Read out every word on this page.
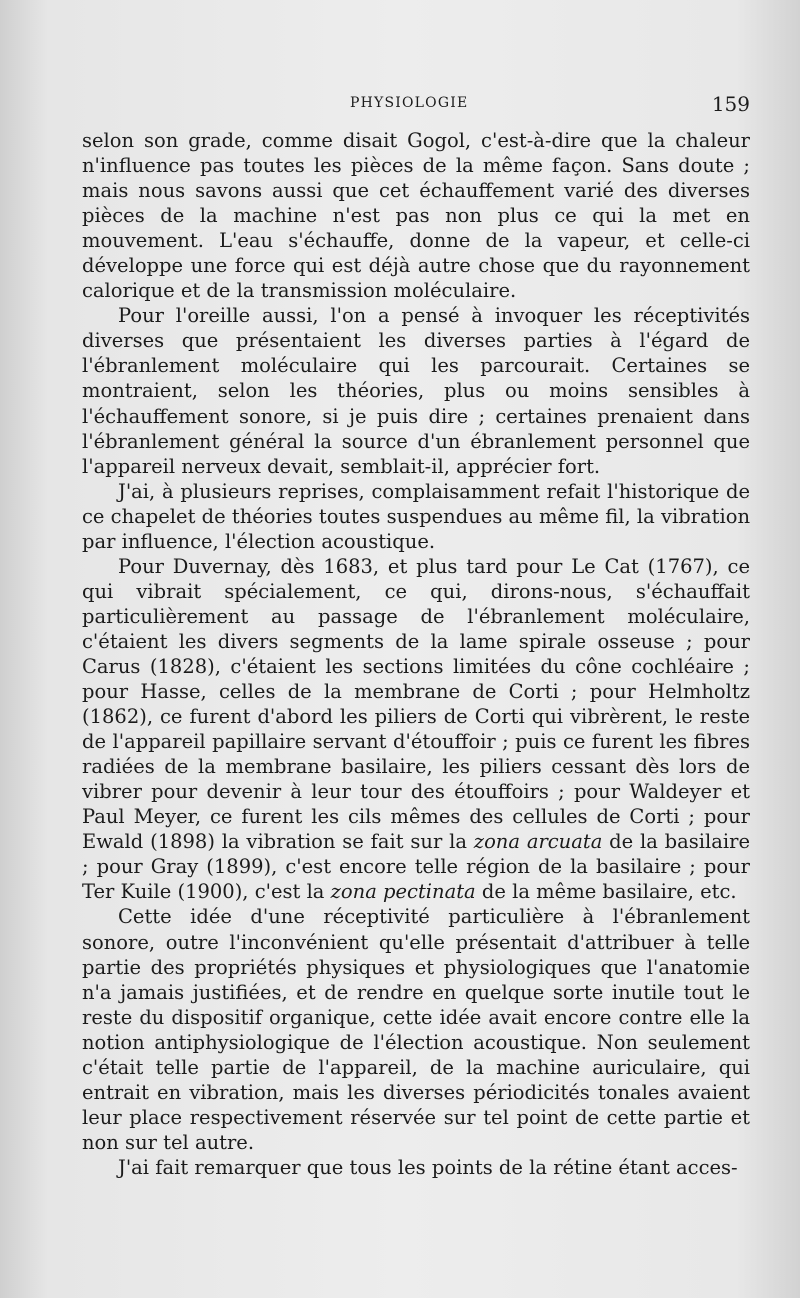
PHYSIOLOGIE	159

selon son grade, comme disait Gogol, c'est-à-dire que la chaleur n'influence pas toutes les pièces de la même façon. Sans doute ; mais nous savons aussi que cet échauffement varié des diverses pièces de la machine n'est pas non plus ce qui la met en mouvement. L'eau s'échauffe, donne de la vapeur, et celle-ci développe une force qui est déjà autre chose que du rayonnement calorique et de la transmission moléculaire.

Pour l'oreille aussi, l'on a pensé à invoquer les réceptivités diverses que présentaient les diverses parties à l'égard de l'ébranlement moléculaire qui les parcourait. Certaines se montraient, selon les théories, plus ou moins sensibles à l'échauffement sonore, si je puis dire ; certaines prenaient dans l'ébranlement général la source d'un ébranlement personnel que l'appareil nerveux devait, semblait-il, apprécier fort.

J'ai, à plusieurs reprises, complaisamment refait l'historique de ce chapelet de théories toutes suspendues au même fil, la vibration par influence, l'élection acoustique.

Pour Duvernay, dès 1683, et plus tard pour Le Cat (1767), ce qui vibrait spécialement, ce qui, dirons-nous, s'échauffait particulièrement au passage de l'ébranlement moléculaire, c'étaient les divers segments de la lame spirale osseuse ; pour Carus (1828), c'étaient les sections limitées du cône cochléaire ; pour Hasse, celles de la membrane de Corti ; pour Helmholtz (1862), ce furent d'abord les piliers de Corti qui vibrèrent, le reste de l'appareil papillaire servant d'étouffoir ; puis ce furent les fibres radiées de la membrane basilaire, les piliers cessant dès lors de vibrer pour devenir à leur tour des étouffoirs ; pour Waldeyer et Paul Meyer, ce furent les cils mêmes des cellules de Corti ; pour Ewald (1898) la vibration se fait sur la zona arcuata de la basilaire ; pour Gray (1899), c'est encore telle région de la basilaire ; pour Ter Kuile (1900), c'est la zona pectinata de la même basilaire, etc.

Cette idée d'une réceptivité particulière à l'ébranlement sonore, outre l'inconvénient qu'elle présentait d'attribuer à telle partie des propriétés physiques et physiologiques que l'anatomie n'a jamais justifiées, et de rendre en quelque sorte inutile tout le reste du dispositif organique, cette idée avait encore contre elle la notion antiphysiologique de l'élection acoustique. Non seulement c'était telle partie de l'appareil, de la machine auriculaire, qui entrait en vibration, mais les diverses périodicités tonales avaient leur place respectivement réservée sur tel point de cette partie et non sur tel autre.

J'ai fait remarquer que tous les points de la rétine étant acces-
